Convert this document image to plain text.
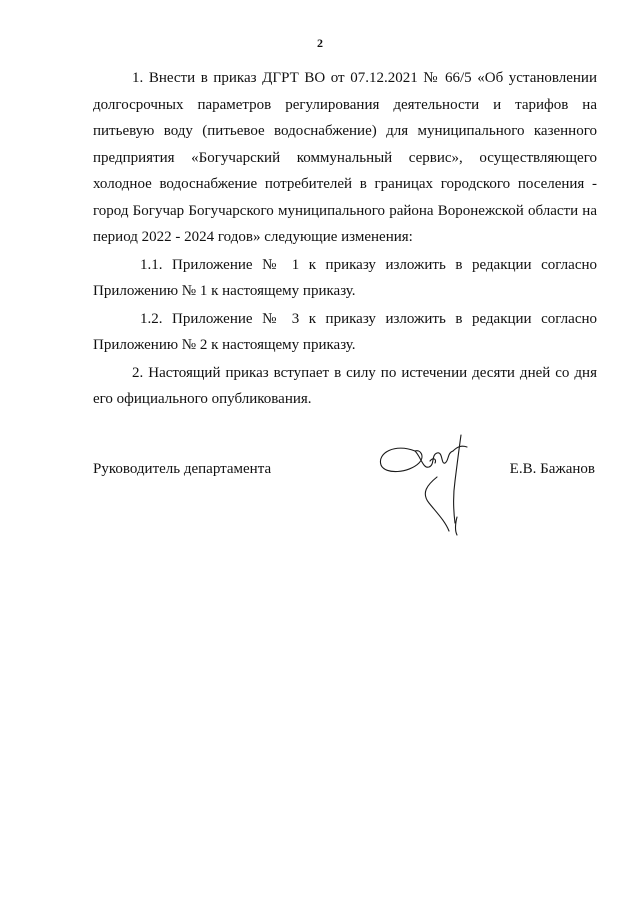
2

1. Внести в приказ ДГРТ ВО от 07.12.2021 № 66/5 «Об установлении долгосрочных параметров регулирования деятельности и тарифов на питьевую воду (питьевое водоснабжение) для муниципального казенного предприятия «Богучарский коммунальный сервис», осуществляющего холодное водоснабжение потребителей в границах городского поселения - город Богучар Богучарского муниципального района Воронежской области на период 2022 - 2024 годов» следующие изменения:

1.1. Приложение № 1 к приказу изложить в редакции согласно Приложению № 1 к настоящему приказу.

1.2. Приложение № 3 к приказу изложить в редакции согласно Приложению № 2 к настоящему приказу.

2. Настоящий приказ вступает в силу по истечении десяти дней со дня его официального опубликования.

Руководитель департамента	Е.В. Бажанов
